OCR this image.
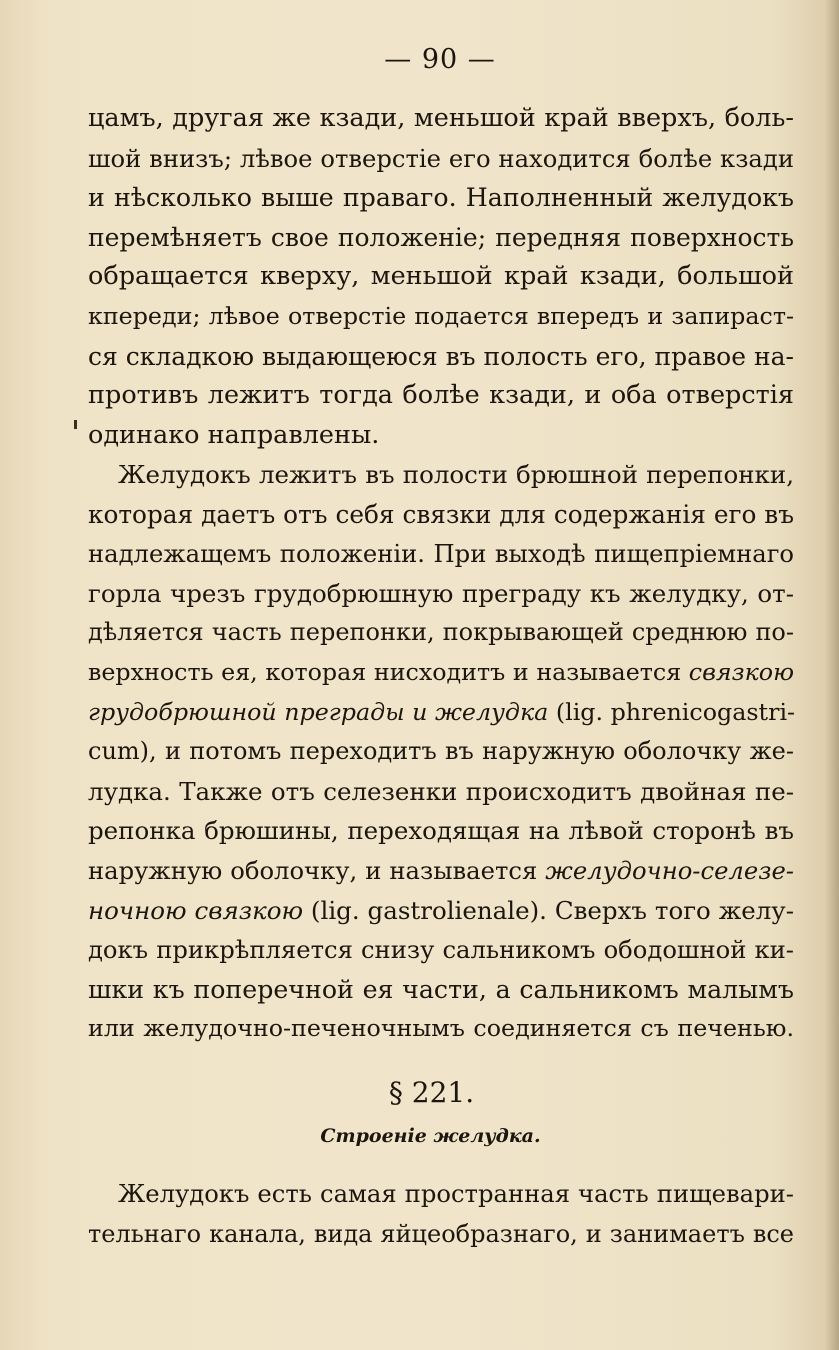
— 90 —
цамъ, другая же кзади, меньшой край вверхъ, боль-
шой внизъ; лѣвое отверстіе его находится болѣе кзади
и нѣсколько выше праваго. Наполненный желудокъ
перемѣняетъ свое положеніе; передняя поверхность
обращается кверху, меньшой край кзади, большой
кпереди; лѣвое отверстіе подается впередъ и запираст-
ся складкою выдающеюся въ полость его, правое на-
противъ лежитъ тогда болѣе кзади, и оба отверстія
одинако направлены.
Желудокъ лежитъ въ полости брюшной перепонки,
которая даетъ отъ себя связки для содержанія его въ
надлежащемъ положеніи. При выходѣ пищепріемнаго
горла чрезъ грудобрюшную преграду къ желудку, от-
дѣляется часть перепонки, покрывающей среднюю по-
верхность ея, которая нисходитъ и называется связкою
грудобрюшной преграды и желудка (lig. phrenicogastri-
cum), и потомъ переходитъ въ наружную оболочку же-
лудка. Также отъ селезенки происходитъ двойная пе-
репонка брюшины, переходящая на лѣвой сторонѣ въ
наружную оболочку, и называется желудочно-селезе-
ночною связкою (lig. gastrolienale). Сверхъ того желу-
докъ прикрѣпляется снизу сальникомъ ободошной ки-
шки къ поперечной ея части, а сальникомъ малымъ
или желудочно-печеночнымъ соединяется съ печенью.
§ 221.
Строеніе желудка.
Желудокъ есть самая пространная часть пищевари-
тельнаго канала, вида яйцеобразнаго, и занимаетъ все
